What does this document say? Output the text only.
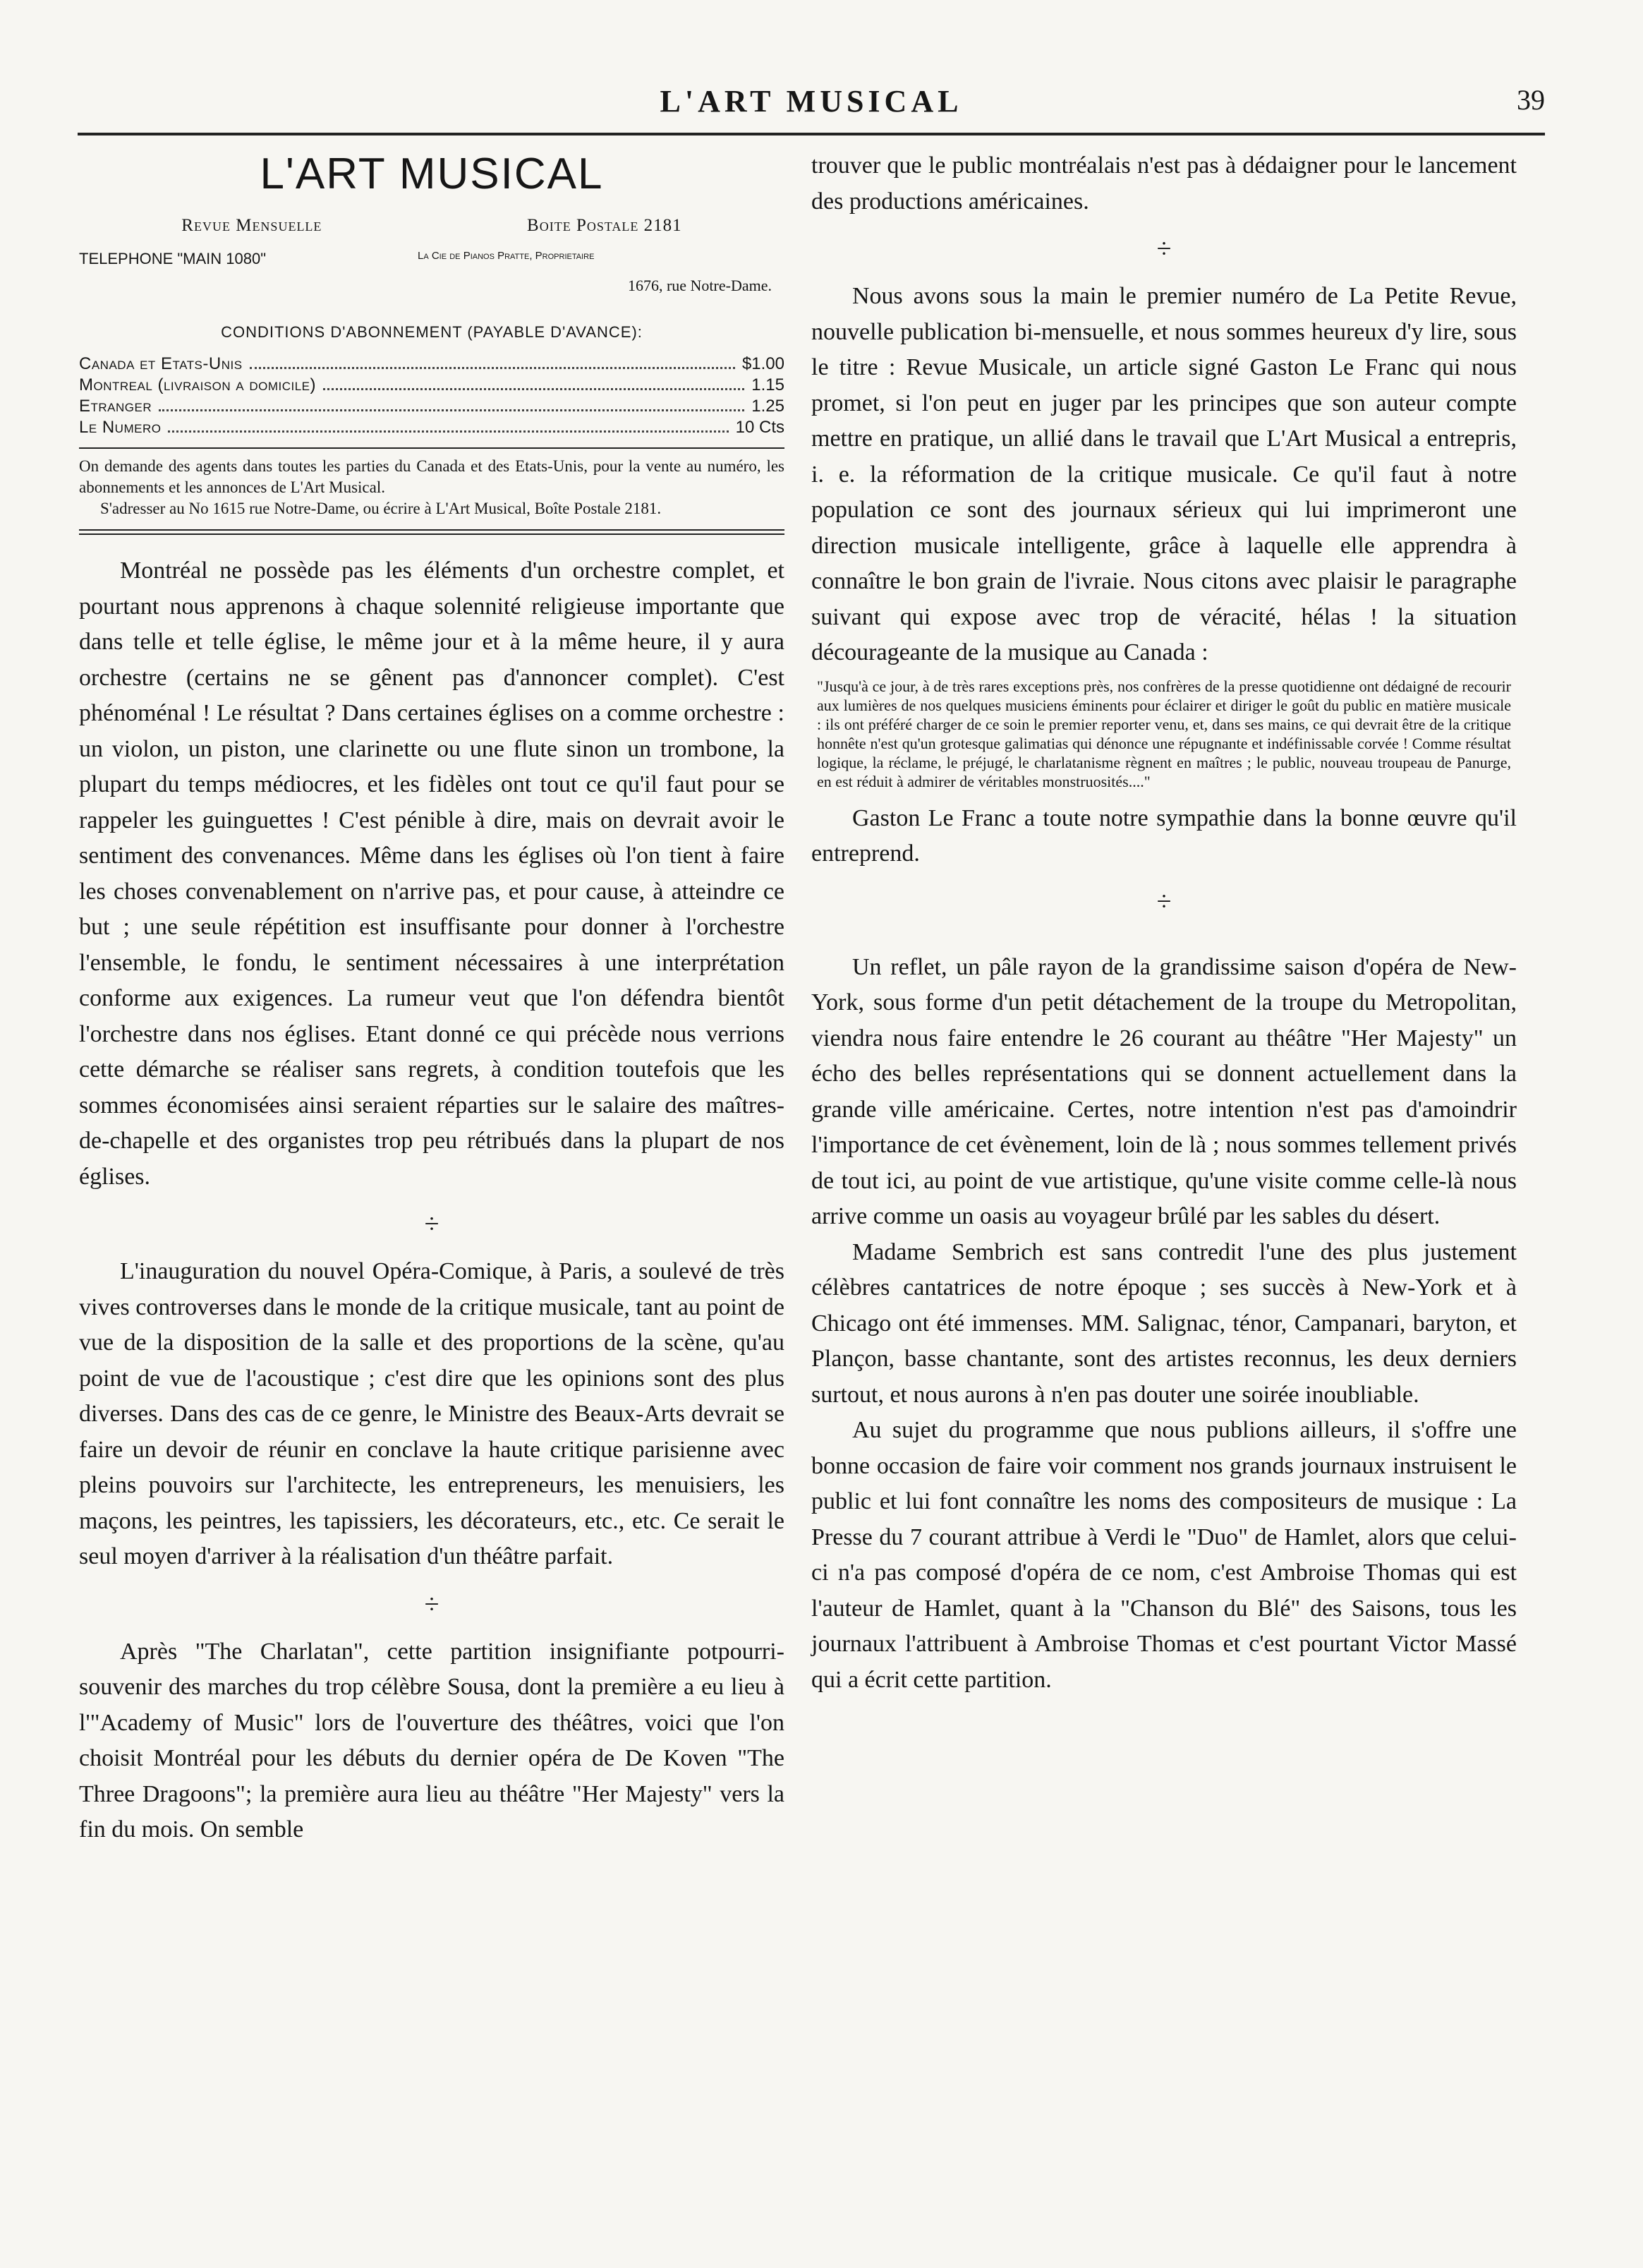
L'ART MUSICAL	39
L'ART MUSICAL
Revue Mensuelle	Boite Postale 2181
TELEPHONE "MAIN 1080"	La Cie de Pianos Pratte, Proprietaire
1676, rue Notre-Dame.
CONDITIONS D'ABONNEMENT (PAYABLE D'AVANCE):
Canada et Etats-Unis	$1.00
Montreal (livraison a domicile)	1.15
Etranger	1.25
Le Numero	10 Cts

On demande des agents dans toutes les parties du Canada et des Etats-Unis, pour la vente au numéro, les abonnements et les annonces de L'Art Musical.

S'adresser au No 1615 rue Notre-Dame, ou écrire à L'Art Musical, Boîte Postale 2181.

Montréal ne possède pas les éléments d'un orchestre complet, et pourtant nous apprenons à chaque solennité religieuse importante que dans telle et telle église, le même jour et à la même heure, il y aura orchestre (certains ne se gênent pas d'annoncer complet). C'est phénoménal ! Le résultat ? Dans certaines églises on a comme orchestre : un violon, un piston, une clarinette ou une flute sinon un trombone, la plupart du temps médiocres, et les fidèles ont tout ce qu'il faut pour se rappeler les guinguettes ! C'est pénible à dire, mais on devrait avoir le sentiment des convenances. Même dans les églises où l'on tient à faire les choses convenablement on n'arrive pas, et pour cause, à atteindre ce but ; une seule répétition est insuffisante pour donner à l'orchestre l'ensemble, le fondu, le sentiment nécessaires à une interprétation conforme aux exigences. La rumeur veut que l'on défendra bientôt l'orchestre dans nos églises. Etant donné ce qui précède nous verrions cette démarche se réaliser sans regrets, à condition toutefois que les sommes économisées ainsi seraient réparties sur le salaire des maîtres-de-chapelle et des organistes trop peu rétribués dans la plupart de nos églises.

÷

L'inauguration du nouvel Opéra-Comique, à Paris, a soulevé de très vives controverses dans le monde de la critique musicale, tant au point de vue de la disposition de la salle et des proportions de la scène, qu'au point de vue de l'acoustique ; c'est dire que les opinions sont des plus diverses. Dans des cas de ce genre, le Ministre des Beaux-Arts devrait se faire un devoir de réunir en conclave la haute critique parisienne avec pleins pouvoirs sur l'architecte, les entrepreneurs, les menuisiers, les maçons, les peintres, les tapissiers, les décorateurs, etc., etc. Ce serait le seul moyen d'arriver à la réalisation d'un théâtre parfait.

÷

Après "The Charlatan", cette partition insignifiante potpourri-souvenir des marches du trop célèbre Sousa, dont la première a eu lieu à l'"Academy of Music" lors de l'ouverture des théâtres, voici que l'on choisit Montréal pour les débuts du dernier opéra de De Koven "The Three Dragoons"; la première aura lieu au théâtre "Her Majesty" vers la fin du mois. On semble

trouver que le public montréalais n'est pas à dédaigner pour le lancement des productions américaines.

÷

Nous avons sous la main le premier numéro de La Petite Revue, nouvelle publication bi-mensuelle, et nous sommes heureux d'y lire, sous le titre : Revue Musicale, un article signé Gaston Le Franc qui nous promet, si l'on peut en juger par les principes que son auteur compte mettre en pratique, un allié dans le travail que L'Art Musical a entrepris, i. e. la réformation de la critique musicale. Ce qu'il faut à notre population ce sont des journaux sérieux qui lui imprimeront une direction musicale intelligente, grâce à laquelle elle apprendra à connaître le bon grain de l'ivraie. Nous citons avec plaisir le paragraphe suivant qui expose avec trop de véracité, hélas ! la situation décourageante de la musique au Canada :

"Jusqu'à ce jour, à de très rares exceptions près, nos confrères de la presse quotidienne ont dédaigné de recourir aux lumières de nos quelques musiciens éminents pour éclairer et diriger le goût du public en matière musicale : ils ont préféré charger de ce soin le premier reporter venu, et, dans ses mains, ce qui devrait être de la critique honnête n'est qu'un grotesque galimatias qui dénonce une répugnante et indéfinissable corvée ! Comme résultat logique, la réclame, le préjugé, le charlatanisme règnent en maîtres ; le public, nouveau troupeau de Panurge, en est réduit à admirer de véritables monstruosités...."

Gaston Le Franc a toute notre sympathie dans la bonne œuvre qu'il entreprend.

÷

Un reflet, un pâle rayon de la grandissime saison d'opéra de New-York, sous forme d'un petit détachement de la troupe du Metropolitan, viendra nous faire entendre le 26 courant au théâtre "Her Majesty" un écho des belles représentations qui se donnent actuellement dans la grande ville américaine. Certes, notre intention n'est pas d'amoindrir l'importance de cet évènement, loin de là ; nous sommes tellement privés de tout ici, au point de vue artistique, qu'une visite comme celle-là nous arrive comme un oasis au voyageur brûlé par les sables du désert.

Madame Sembrich est sans contredit l'une des plus justement célèbres cantatrices de notre époque ; ses succès à New-York et à Chicago ont été immenses. MM. Salignac, ténor, Campanari, baryton, et Plançon, basse chantante, sont des artistes reconnus, les deux derniers surtout, et nous aurons à n'en pas douter une soirée inoubliable.

Au sujet du programme que nous publions ailleurs, il s'offre une bonne occasion de faire voir comment nos grands journaux instruisent le public et lui font connaître les noms des compositeurs de musique : La Presse du 7 courant attribue à Verdi le "Duo" de Hamlet, alors que celui-ci n'a pas composé d'opéra de ce nom, c'est Ambroise Thomas qui est l'auteur de Hamlet, quant à la "Chanson du Blé" des Saisons, tous les journaux l'attribuent à Ambroise Thomas et c'est pourtant Victor Massé qui a écrit cette partition.
